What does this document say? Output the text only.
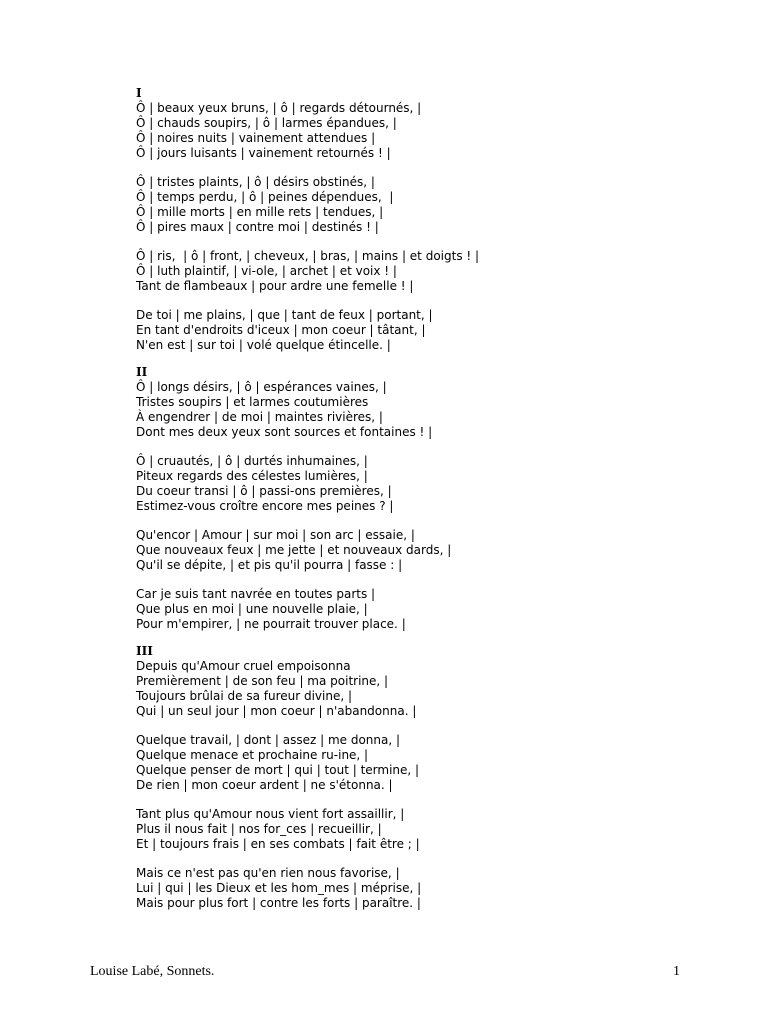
I
Ô | beaux yeux bruns, | ô | regards détournés, |
Ô | chauds soupirs, | ô | larmes épandues, |
Ô | noires nuits | vainement attendues |
Ô | jours luisants | vainement retournés ! |
Ô | tristes plaints, | ô | désirs obstinés, |
Ô | temps perdu, | ô | peines dépendues,  |
Ô | mille morts | en mille rets | tendues, |
Ô | pires maux | contre moi | destinés ! |
Ô | ris,  | ô | front, | cheveux, | bras, | mains | et doigts ! |
Ô | luth plaintif, | vi-ole, | archet | et voix ! |
Tant de flambeaux | pour ardre une femelle ! |
De toi | me plains, | que | tant de feux | portant, |
En tant d'endroits d'iceux | mon coeur | tâtant, |
N'en est | sur toi | volé quelque étincelle. |
II
Ô | longs désirs, | ô | espérances vaines, |
Tristes soupirs | et larmes coutumières
À engendrer | de moi | maintes rivières, |
Dont mes deux yeux sont sources et fontaines ! |
Ô | cruautés, | ô | durtés inhumaines, |
Piteux regards des célestes lumières, |
Du coeur transi | ô | passi-ons premières, |
Estimez-vous croître encore mes peines ? |
Qu'encor | Amour | sur moi | son arc | essaie, |
Que nouveaux feux | me jette | et nouveaux dards, |
Qu'il se dépite, | et pis qu'il pourra | fasse : |
Car je suis tant navrée en toutes parts |
Que plus en moi | une nouvelle plaie, |
Pour m'empirer, | ne pourrait trouver place. |
III
Depuis qu'Amour cruel empoisonna
Premièrement | de son feu | ma poitrine, |
Toujours brûlai de sa fureur divine, |
Qui | un seul jour | mon coeur | n'abandonna. |
Quelque travail, | dont | assez | me donna, |
Quelque menace et prochaine ru-ine, |
Quelque penser de mort | qui | tout | termine, |
De rien | mon coeur ardent | ne s'étonna. |
Tant plus qu'Amour nous vient fort assaillir, |
Plus il nous fait | nos for_ces | recueillir, |
Et | toujours frais | en ses combats | fait être ; |
Mais ce n'est pas qu'en rien nous favorise, |
Lui | qui | les Dieux et les hom_mes | méprise, |
Mais pour plus fort | contre les forts | paraître. |
Louise Labé, Sonnets.	1
